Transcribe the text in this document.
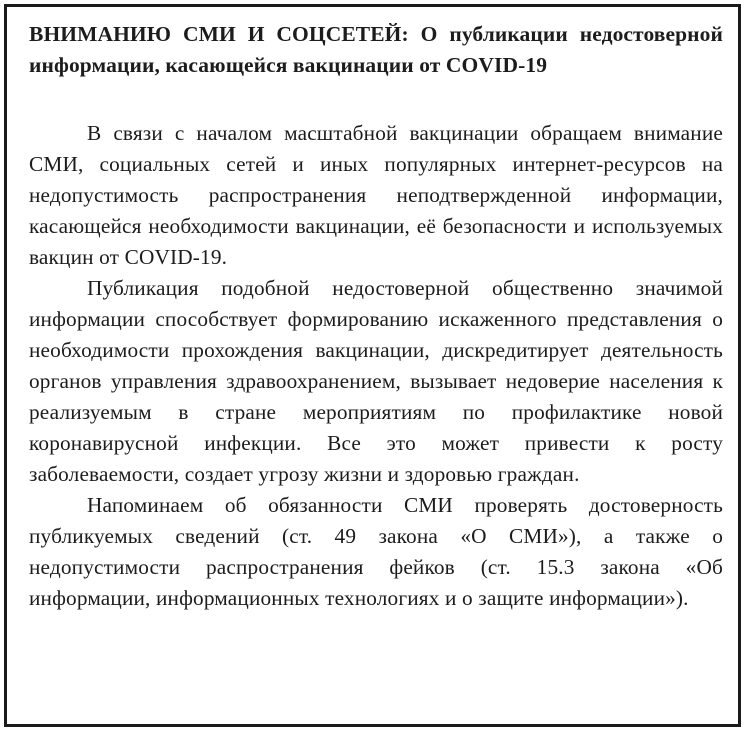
ВНИМАНИЮ СМИ И СОЦСЕТЕЙ: О публикации недостоверной информации, касающейся вакцинации от COVID-19

В связи с началом масштабной вакцинации обращаем внимание СМИ, социальных сетей и иных популярных интернет-ресурсов на недопустимость распространения неподтвержденной информации, касающейся необходимости вакцинации, её безопасности и используемых вакцин от COVID-19.

Публикация подобной недостоверной общественно значимой информации способствует формированию искаженного представления о необходимости прохождения вакцинации, дискредитирует деятельность органов управления здравоохранением, вызывает недоверие населения к реализуемым в стране мероприятиям по профилактике новой коронавирусной инфекции. Все это может привести к росту заболеваемости, создает угрозу жизни и здоровью граждан.

Напоминаем об обязанности СМИ проверять достоверность публикуемых сведений (ст. 49 закона «О СМИ»), а также о недопустимости распространения фейков (ст. 15.3 закона «Об информации, информационных технологиях и о защите информации»).
